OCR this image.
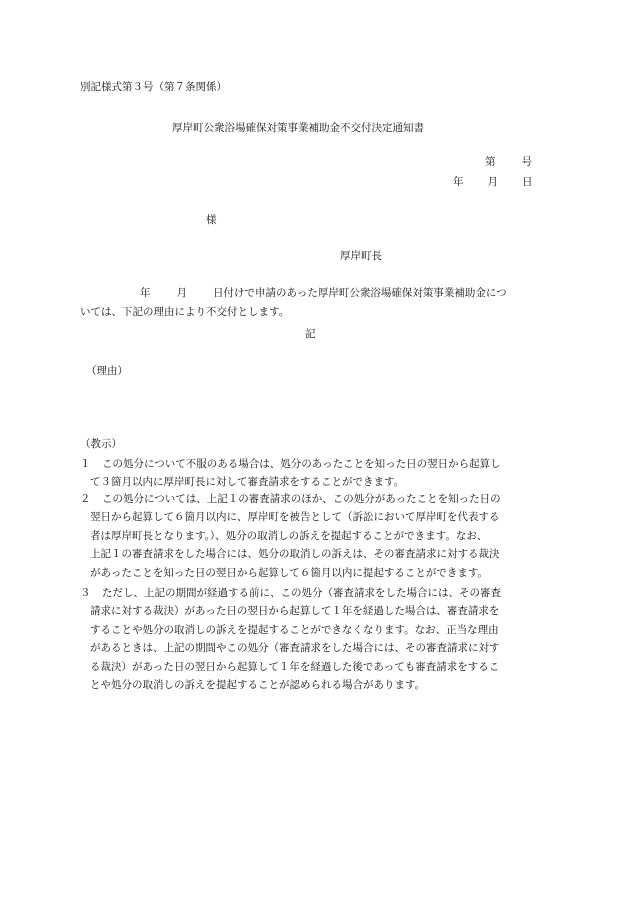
別記様式第３号（第７条関係）
厚岸町公衆浴場確保対策事業補助金不交付決定通知書
第 号
年 月 日
様
厚岸町長
年 月 日付けで申請のあった厚岸町公衆浴場確保対策事業補助金につ
いては、下記の理由により不交付とします。
記
（理由）
（教示）
１ この処分について不服のある場合は、処分のあったことを知った日の翌日から起算し
て３箇月以内に厚岸町長に対して審査請求をすることができます。
２ この処分については、上記１の審査請求のほか、この処分があったことを知った日の
翌日から起算して６箇月以内に、厚岸町を被告として（訴訟において厚岸町を代表する
者は厚岸町長となります。）、処分の取消しの訴えを提起することができます。なお、
上記１の審査請求をした場合には、処分の取消しの訴えは、その審査請求に対する裁決
があったことを知った日の翌日から起算して６箇月以内に提起することができます。
３ ただし、上記の期間が経過する前に、この処分（審査請求をした場合には、その審査
請求に対する裁決）があった日の翌日から起算して１年を経過した場合は、審査請求を
することや処分の取消しの訴えを提起することができなくなります。なお、正当な理由
があるときは、上記の期間やこの処分（審査請求をした場合には、その審査請求に対す
る裁決）があった日の翌日から起算して１年を経過した後であっても審査請求をするこ
とや処分の取消しの訴えを提起することが認められる場合があります。
